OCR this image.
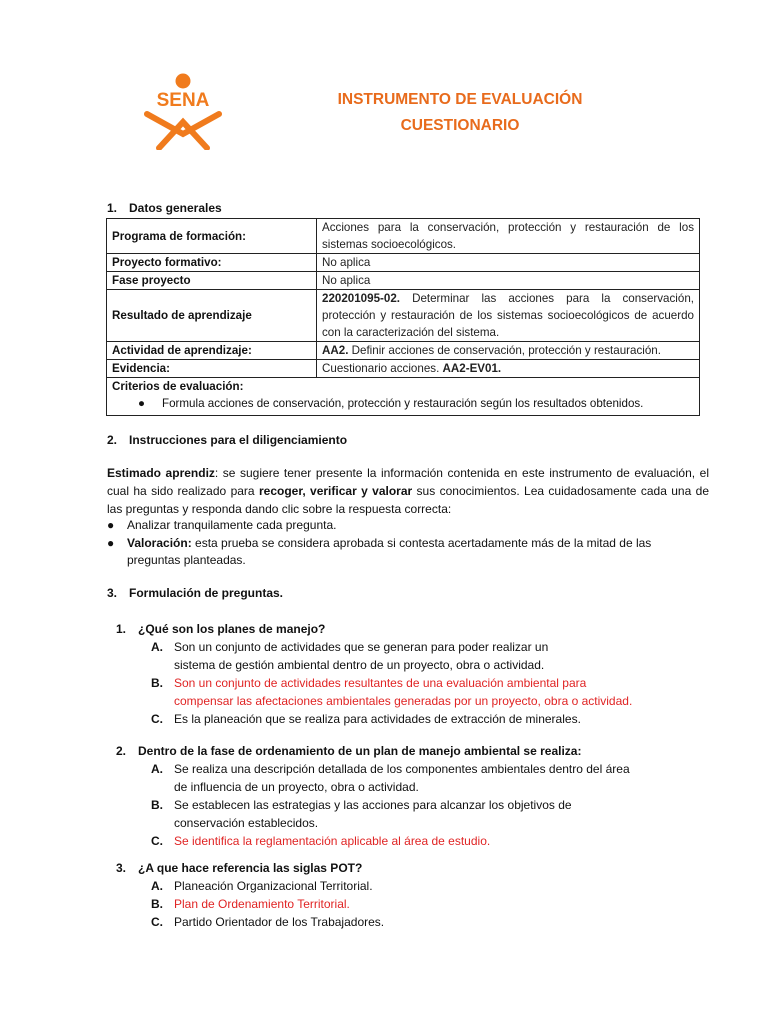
SENA	INSTRUMENTO DE EVALUACIÓN
CUESTIONARIO
1. Datos generales
Programa de formación:	Acciones para la conservación, protección y restauración de los sistemas socioecológicos.
Proyecto formativo:	No aplica
Fase proyecto	No aplica
Resultado de aprendizaje	220201095-02. Determinar las acciones para la conservación, protección y restauración de los sistemas socioecológicos de acuerdo con la caracterización del sistema.
Actividad de aprendizaje:	AA2. Definir acciones de conservación, protección y restauración.
Evidencia:	Cuestionario acciones. AA2-EV01.

Criterios de evaluación:
● Formula acciones de conservación, protección y restauración según los resultados obtenidos.	
2. Instrucciones para el diligenciamiento
Estimado aprendiz: se sugiere tener presente la información contenida en este instrumento de evaluación, el cual ha sido realizado para recoger, verificar y valorar sus conocimientos. Lea cuidadosamente cada una de las preguntas y responda dando clic sobre la respuesta correcta:
●	Analizar tranquilamente cada pregunta.
●	Valoración: esta prueba se considera aprobada si contesta acertadamente más de la mitad de las preguntas planteadas.
3. Formulación de preguntas.
1. ¿Qué son los planes de manejo?
A. Son un conjunto de actividades que se generan para poder realizar un sistema de gestión ambiental dentro de un proyecto, obra o actividad.
B. Son un conjunto de actividades resultantes de una evaluación ambiental para compensar las afectaciones ambientales generadas por un proyecto, obra o actividad.
C. Es la planeación que se realiza para actividades de extracción de minerales.
2. Dentro de la fase de ordenamiento de un plan de manejo ambiental se realiza:
A. Se realiza una descripción detallada de los componentes ambientales dentro del área de influencia de un proyecto, obra o actividad.
B. Se establecen las estrategias y las acciones para alcanzar los objetivos de conservación establecidos.
C. Se identifica la reglamentación aplicable al área de estudio.
3. ¿A que hace referencia las siglas POT?
A. Planeación Organizacional Territorial.
B. Plan de Ordenamiento Territorial.
C. Partido Orientador de los Trabajadores.
